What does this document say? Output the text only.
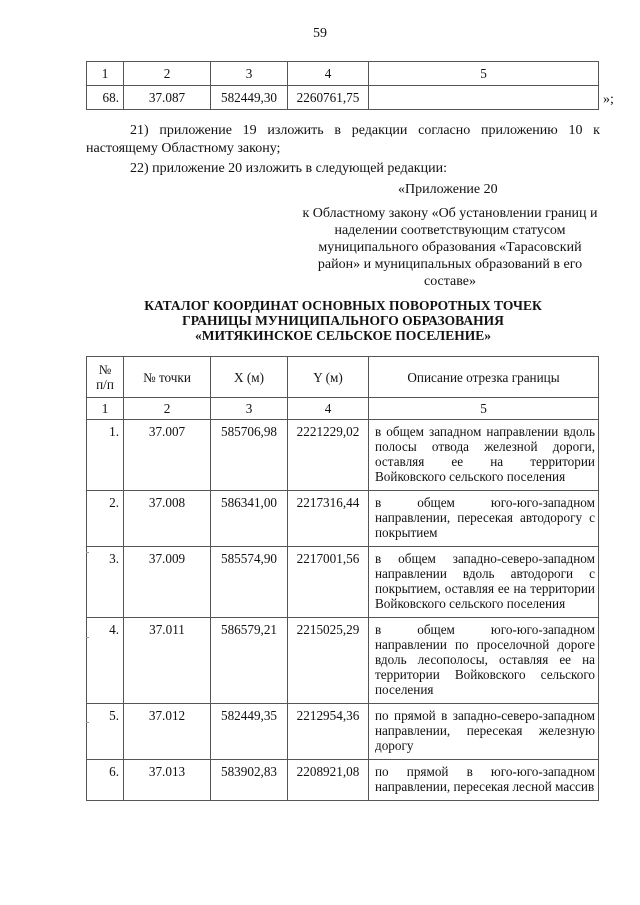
59
1	2	3	4	5
68.	37.087	582449,30	2260761,75		»;
21) приложение 19 изложить в редакции согласно приложению 10 к настоящему Областному закону;
22) приложение 20 изложить в следующей редакции:
«Приложение 20
к Областному закону «Об установлении границ и наделении соответствующим статусом муниципального образования «Тарасовский район» и муниципальных образований в его составе»
КАТАЛОГ КООРДИНАТ ОСНОВНЫХ ПОВОРОТНЫХ ТОЧЕК
ГРАНИЦЫ МУНИЦИПАЛЬНОГО ОБРАЗОВАНИЯ
«МИТЯКИНСКОЕ СЕЛЬСКОЕ ПОСЕЛЕНИЕ»
№
п/п	№ точки	X (м)	Y (м)	Описание отрезка границы
1	2	3	4	5
1.	37.007	585706,98	2221229,02	в общем западном направлении вдоль полосы отвода железной дороги, оставляя ее на территории Войковского сельского поселения
2.	37.008	586341,00	2217316,44	в общем юго-юго-западном направлении, пересекая автодорогу с покрытием
3.	37.009	585574,90	2217001,56	в общем западно-северо-западном направлении вдоль автодороги с покрытием, оставляя ее на территории Войковского сельского поселения
4.	37.011	586579,21	2215025,29	в общем юго-юго-западном направлении по проселочной дороге вдоль лесополосы, оставляя ее на территории Войковского сельского поселения
5.	37.012	582449,35	2212954,36	по прямой в западно-северо-западном направлении, пересекая железную дорогу
6.	37.013	583902,83	2208921,08	по прямой в юго-юго-западном направлении, пересекая лесной массив
